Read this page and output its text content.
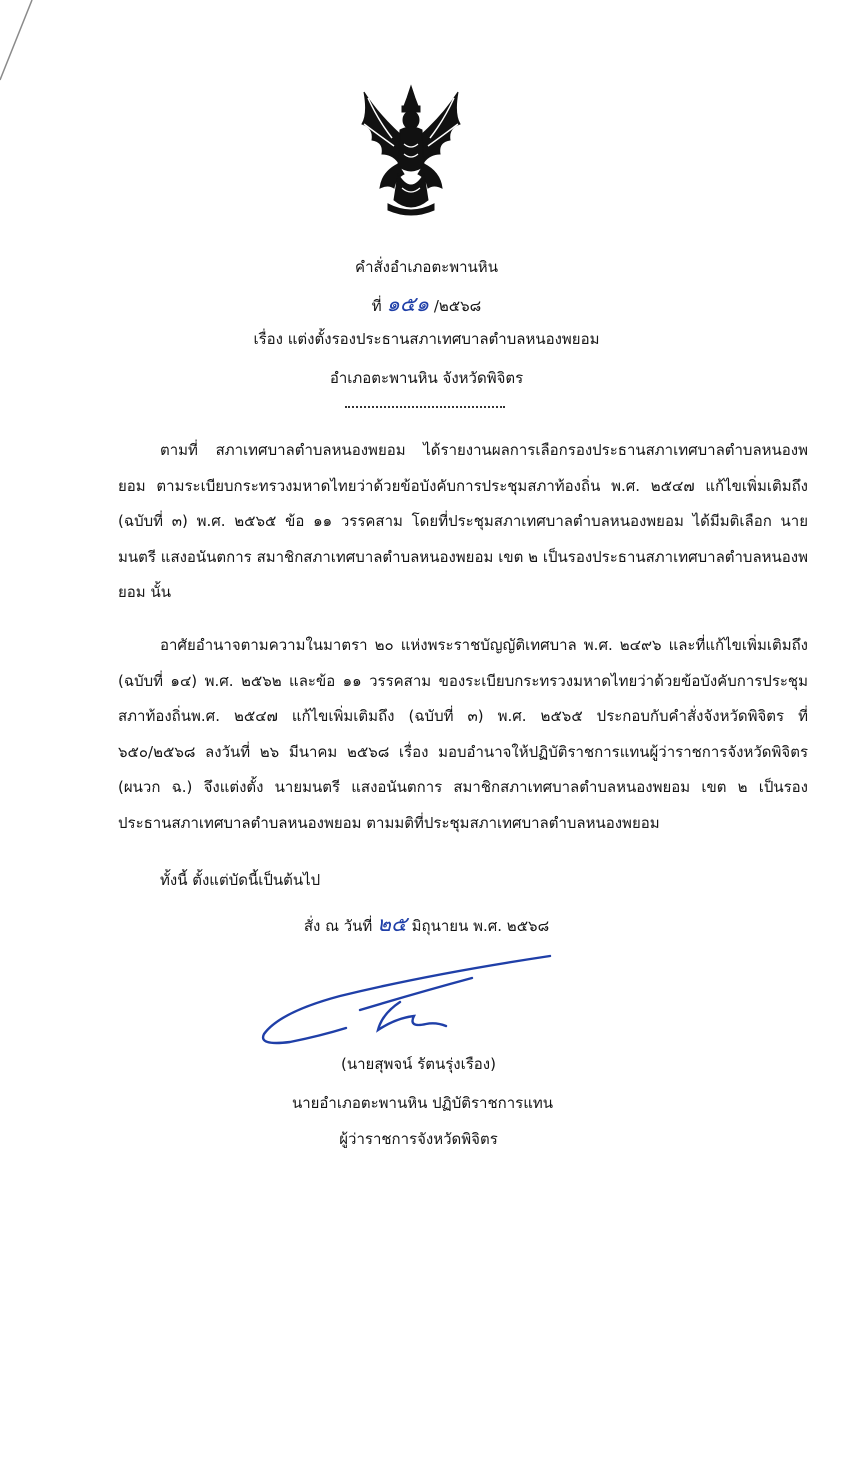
คำสั่งอำเภอตะพานหิน
ที่ ๑๕๑ /๒๕๖๘
เรื่อง แต่งตั้งรองประธานสภาเทศบาลตำบลหนองพยอม
อำเภอตะพานหิน จังหวัดพิจิตร

ตามที่ สภาเทศบาลตำบลหนองพยอม ได้รายงานผลการเลือกรองประธานสภาเทศบาลตำบลหนองพยอม ตามระเบียบกระทรวงมหาดไทยว่าด้วยข้อบังคับการประชุมสภาท้องถิ่น พ.ศ. ๒๕๔๗ แก้ไขเพิ่มเติมถึง (ฉบับที่ ๓) พ.ศ. ๒๕๖๕ ข้อ ๑๑ วรรคสาม โดยที่ประชุมสภาเทศบาลตำบลหนองพยอม ได้มีมติเลือก นายมนตรี แสงอนันตการ สมาชิกสภาเทศบาลตำบลหนองพยอม เขต ๒ เป็นรองประธานสภาเทศบาลตำบลหนองพยอม นั้น

อาศัยอำนาจตามความในมาตรา ๒๐ แห่งพระราชบัญญัติเทศบาล พ.ศ. ๒๔๙๖ และที่แก้ไขเพิ่มเติมถึง (ฉบับที่ ๑๔) พ.ศ. ๒๕๖๒ และข้อ ๑๑ วรรคสาม ของระเบียบกระทรวงมหาดไทยว่าด้วยข้อบังคับการประชุมสภาท้องถิ่นพ.ศ. ๒๕๔๗ แก้ไขเพิ่มเติมถึง (ฉบับที่ ๓) พ.ศ. ๒๕๖๕ ประกอบกับคำสั่งจังหวัดพิจิตร ที่ ๖๕๐/๒๕๖๘ ลงวันที่ ๒๖ มีนาคม ๒๕๖๘ เรื่อง มอบอำนาจให้ปฏิบัติราชการแทนผู้ว่าราชการจังหวัดพิจิตร (ผนวก ฉ.) จึงแต่งตั้ง นายมนตรี แสงอนันตการ สมาชิกสภาเทศบาลตำบลหนองพยอม เขต ๒ เป็นรองประธานสภาเทศบาลตำบลหนองพยอม ตามมติที่ประชุมสภาเทศบาลตำบลหนองพยอม

ทั้งนี้ ตั้งแต่บัดนี้เป็นต้นไป
สั่ง ณ วันที่ ๒๕ มิถุนายน พ.ศ. ๒๕๖๘
(นายสุพจน์ รัตนรุ่งเรือง)
นายอำเภอตะพานหิน ปฏิบัติราชการแทน
ผู้ว่าราชการจังหวัดพิจิตร
